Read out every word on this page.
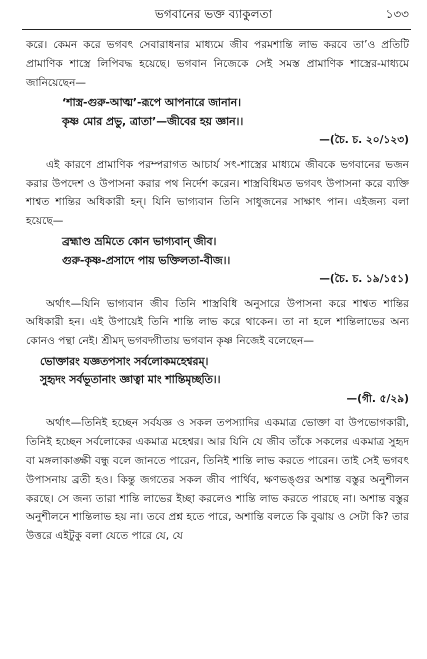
ভগবানের ভক্ত ব্যাকুলতা	১৩৩

করে। কেমন করে ভগবৎ সেবারাধনার মাধ্যমে জীব পরমশান্তি লাভ করবে তা’ও প্রতিটি প্রামাণিক শাস্ত্রে লিপিবদ্ধ হয়েছে। ভগবান নিজেকে সেই সমস্ত প্রামাণিক শাস্ত্রের-মাধ্যমে জানিয়েছেন—

‘শাস্ত্র-গুরু-আত্ম’-রূপে আপনারে জানান।

কৃষ্ণ মোর প্রভু, ত্রাতা’—জীবের হয় জ্ঞান।।

—(চৈ. চ. ২০/১২৩)

এই কারণে প্রামাণিক পরম্পরাগত আচার্য সৎ-শাস্ত্রের মাধ্যমে জীবকে ভগবানের ভজন করার উপদেশ ও উপাসনা করার পথ নির্দেশ করেন। শাস্ত্রবিধিমত ভগবৎ উপাসনা করে ব্যক্তি শাশ্বত শান্তির অধিকারী হন্। যিনি ভাগ্যবান তিনি সাধুজনের সাক্ষাৎ পান। এইজন্য বলা হয়েছে—

ব্রহ্মাণ্ড ভ্রমিতে কোন ভাগ্যবান্ জীব।

গুরু-কৃষ্ণ-প্রসাদে পায় ভক্তিলতা-বীজ।।

—(চৈ. চ. ১৯/১৫১)

অর্থাৎ—যিনি ভাগ্যবান জীব তিনি শাস্ত্রবিধি অনুসারে উপাসনা করে শাশ্বত শান্তির অধিকারী হন। এই উপায়েই তিনি শান্তি লাভ করে থাকেন। তা না হলে শান্তিলাভের অন্য কোনও পন্থা নেই। শ্রীমদ্ ভগবদ্গীতায় ভগবান কৃষ্ণ নিজেই বলেছেন—

ভোক্তারং যজ্ঞতপসাং সর্বলোকমহেশ্বরম্।

সুহৃদং সর্বভূতানাং জ্ঞাত্বা মাং শান্তিমৃচ্ছতি।।

—(গী. ৫/২৯)

অর্থাৎ—তিনিই হচ্ছেন সর্বযজ্ঞ ও সকল তপস্যাদির একমাত্র ভোক্তা বা উপভোগকারী, তিনিই হচ্ছেন সর্বলোকের একমাত্র মহেশ্বর। আর যিনি যে জীব তাঁকে সকলের একমাত্র সুহৃদ বা মঙ্গলাকাঙ্ক্ষী বন্ধু বলে জানতে পারেন, তিনিই শান্তি লাভ করতে পারেন। তাই সেই ভগবৎ উপাসনায় ব্রতী হও। কিন্তু জগতের সকল জীব পার্থিব, ক্ষণভঙ্গুর অশান্ত বস্তুর অনুশীলন করছে। সে জন্য তারা শান্তি লাভের ইচ্ছা করলেও শান্তি লাভ করতে পারছে না। অশান্ত বস্তুর অনুশীলনে শান্তিলাভ হয় না। তবে প্রশ্ন হতে পারে, অশান্তি বলতে কি বুঝায় ও সেটা কি? তার উত্তরে এইটুকু বলা যেতে পারে যে, যে
